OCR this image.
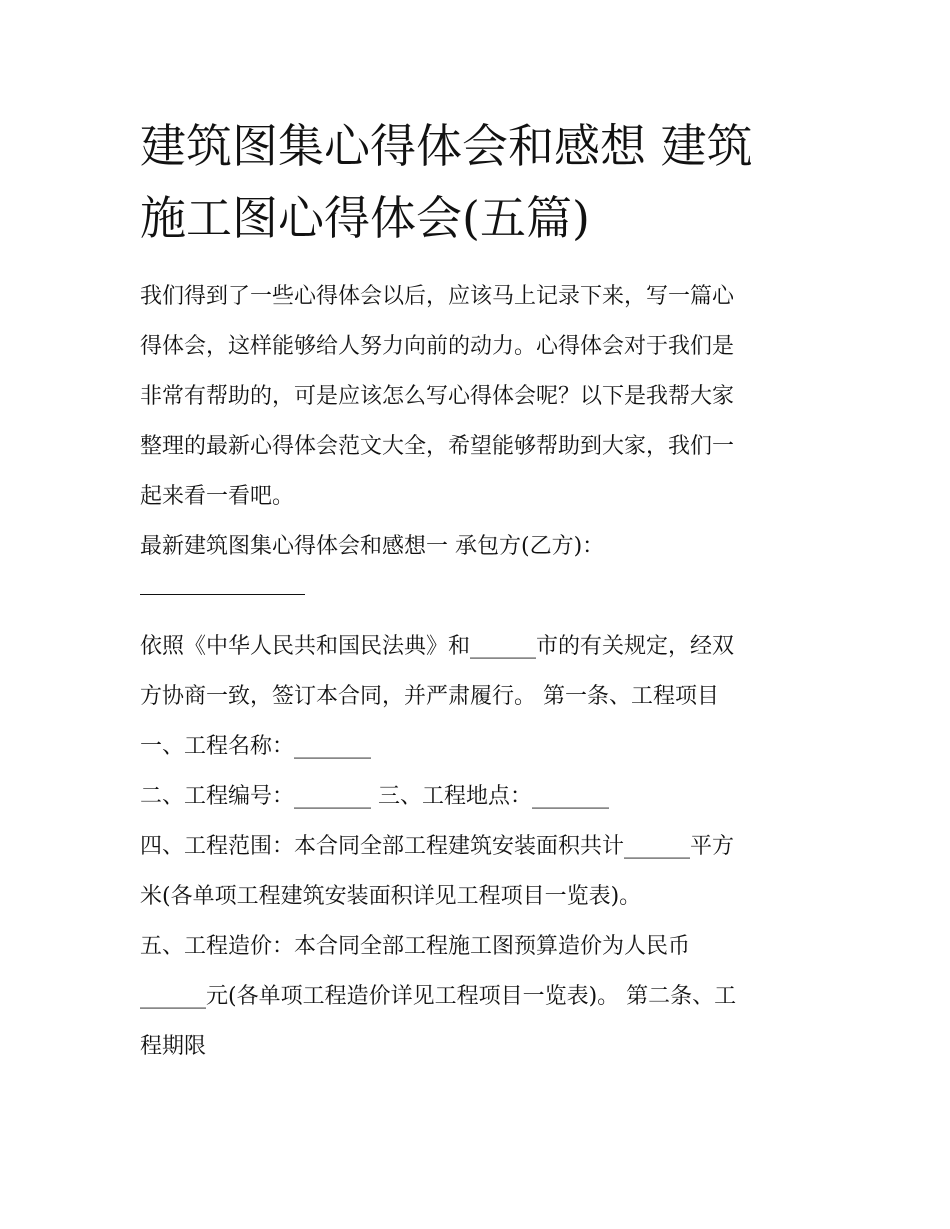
建筑图集心得体会和感想 建筑
施工图心得体会(五篇)
我们得到了一些心得体会以后，应该马上记录下来，写一篇心
得体会，这样能够给人努力向前的动力。心得体会对于我们是
非常有帮助的，可是应该怎么写心得体会呢？以下是我帮大家
整理的最新心得体会范文大全，希望能够帮助到大家，我们一
起来看一看吧。
最新建筑图集心得体会和感想一 承包方(乙方)：
依照《中华人民共和国民法典》和______市的有关规定，经双
方协商一致，签订本合同，并严肃履行。 第一条、工程项目
一、工程名称：_______
二、工程编号：_______ 三、工程地点：_______
四、工程范围：本合同全部工程建筑安装面积共计______平方
米(各单项工程建筑安装面积详见工程项目一览表)。
五、工程造价：本合同全部工程施工图预算造价为人民币
______元(各单项工程造价详见工程项目一览表)。 第二条、工
程期限
